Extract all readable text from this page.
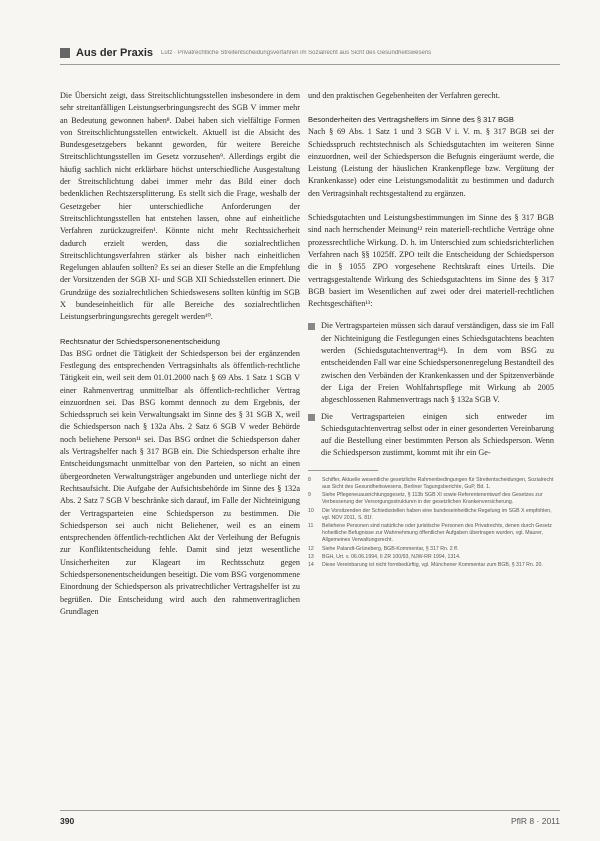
Aus der Praxis Lutz · Privatrechtliche Streitentscheidungsverfahren im Sozialrecht aus Sicht des Gesundheitswesens

Die Übersicht zeigt, dass Streitschlichtungsstellen insbesondere in dem sehr streitanfälligen Leistungserbringungsrecht des SGB V immer mehr an Bedeutung gewonnen haben⁸. Dabei haben sich vielfältige Formen von Streitschlichtungsstellen entwickelt. Aktuell ist die Absicht des Bundesgesetzgebers bekannt geworden, für weitere Bereiche Streitschlichtungsstellen im Gesetz vorzusehen⁹. Allerdings ergibt die häufig sachlich nicht erklärbare höchst unterschiedliche Ausgestaltung der Streitschlichtung dabei immer mehr das Bild einer doch bedenklichen Rechtszersplitterung. Es stellt sich die Frage, weshalb der Gesetzgeber hier unterschiedliche Anforderungen der Streitschlichtungsstellen hat entstehen lassen, ohne auf einheitliche Verfahren zurückzugreifen¹. Könnte nicht mehr Rechtssicherheit dadurch erzielt werden, dass die sozialrechtlichen Streitschlichtungsverfahren stärker als bisher nach einheitlichen Regelungen ablaufen sollten? Es sei an dieser Stelle an die Empfehlung der Vorsitzenden der SGB XI- und SGB XII Schiedsstellen erinnert. Die Grundzüge des sozialrechtlichen Schiedswesens sollten künftig im SGB X bundeseinheitlich für alle Bereiche des sozialrechtlichen Leistungserbringungsrechts geregelt werden¹⁰.

Rechtsnatur der Schiedspersonenentscheidung

Das BSG ordnet die Tätigkeit der Schiedsperson bei der ergänzenden Festlegung des entsprechenden Vertragsinhalts als öffentlich-rechtliche Tätigkeit ein, weil seit dem 01.01.2000 nach § 69 Abs. 1 Satz 1 SGB V einer Rahmenvertrag unmittelbar als öffentlich-rechtlicher Vertrag einzuordnen sei. Das BSG kommt dennoch zu dem Ergebnis, der Schiedsspruch sei kein Verwaltungsakt im Sinne des § 31 SGB X, weil die Schiedsperson nach § 132a Abs. 2 Satz 6 SGB V weder Behörde noch beliehene Person¹¹ sei. Das BSG ordnet die Schiedsperson daher als Vertragshelfer nach § 317 BGB ein. Die Schiedsperson erhalte ihre Entscheidungsmacht unmittelbar von den Parteien, so nicht an einen übergeordneten Verwaltungsträger angebunden und unterliege nicht der Rechtsaufsicht. Die Aufgabe der Aufsichtsbehörde im Sinne des § 132a Abs. 2 Satz 7 SGB V beschränke sich darauf, im Falle der Nichteinigung der Vertragsparteien eine Schiedsperson zu bestimmen. Die Schiedsperson sei auch nicht Beliehener, weil es an einem entsprechenden öffentlich-rechtlichen Akt der Verleihung der Befugnis zur Konfliktentscheidung fehle. Damit sind jetzt wesentliche Unsicherheiten zur Klageart im Rechtsschutz gegen Schiedspersonenentscheidungen beseitigt. Die vom BSG vorgenommene Einordnung der Schiedsperson als privatrechtlicher Vertragshelfer ist zu begrüßen. Die Entscheidung wird auch den rahmenvertraglichen Grundlagen

und den praktischen Gegebenheiten der Verfahren gerecht.

Besonderheiten des Vertragshelfers im Sinne des § 317 BGB

Nach § 69 Abs. 1 Satz 1 und 3 SGB V i. V. m. § 317 BGB sei der Schiedsspruch rechtstechnisch als Schiedsgutachten im weiteren Sinne einzuordnen, weil der Schiedsperson die Befugnis eingeräumt werde, die Leistung (Leistung der häuslichen Krankenpflege bzw. Vergütung der Krankenkasse) oder eine Leistungsmodalität zu bestimmen und dadurch den Vertragsinhalt rechtsgestaltend zu ergänzen.

Schiedsgutachten und Leistungsbestimmungen im Sinne des § 317 BGB sind nach herrschender Meinung¹² rein materiell-rechtliche Verträge ohne prozessrechtliche Wirkung. D. h. im Unterschied zum schiedsrichterlichen Verfahren nach §§ 1025ff. ZPO teilt die Entscheidung der Schiedsperson die in § 1055 ZPO vorgesehene Rechtskraft eines Urteils. Die vertragsgestaltende Wirkung des Schiedsgutachtens im Sinne des § 317 BGB basiert im Wesentlichen auf zwei oder drei materiell-rechtlichen Rechtsgeschäften¹³:

Die Vertragsparteien müssen sich darauf verständigen, dass sie im Fall der Nichteinigung die Festlegungen eines Schiedsgutachtens beachten werden (Schiedsgutachtenvertrag¹⁴). In dem vom BSG zu entscheidenden Fall war eine Schiedspersonenregelung Bestandteil des zwischen den Verbänden der Krankenkassen und der Spitzenverbände der Liga der Freien Wohlfahrtspflege mit Wirkung ab 2005 abgeschlossenen Rahmenvertrags nach § 132a SGB V.

Die Vertragsparteien einigen sich entweder im Schiedsgutachtenvertrag selbst oder in einer gesonderten Vereinbarung auf die Bestellung einer bestimmten Person als Schiedsperson. Wenn die Schiedsperson zustimmt, kommt mit ihr ein Ge-

8	Schiffer, Aktuelle wesentliche gesetzliche Rahmenbedingungen für Streitentscheidungen, Sozialrecht aus Sicht des Gesundheitswesens, Berliner Tagungsberichte, GuP, Bd. 1.
9	Siehe Pflegeneuausrichtungsgesetz, § 113b SGB XI sowie Referentenentwurf des Gesetzes zur Verbesserung der Versorgungsstrukturen in der gesetzlichen Krankenversicherung.
10	Die Vorsitzenden der Schiedsstellen haben eine bundeseinheitliche Regelung im SGB X empfohlen, vgl. NDV 2011, S. 81f.
11	Beliehene Personen sind natürliche oder juristische Personen des Privatrechts, denen durch Gesetz hoheitliche Befugnisse zur Wahrnehmung öffentlicher Aufgaben übertragen wurden, vgl. Maurer, Allgemeines Verwaltungsrecht.
12	Siehe Palandt-Grüneberg, BGB-Kommentar, § 317 Rn. 2 ff.
13	BGH, Urt. v. 06.06.1994, II ZR 100/93, NJW-RR 1994, 1314.
14	Diese Vereinbarung ist nicht formbedürftig, vgl. Münchener Kommentar zum BGB, § 317 Rn. 20.
390	PflR 8 · 2011
